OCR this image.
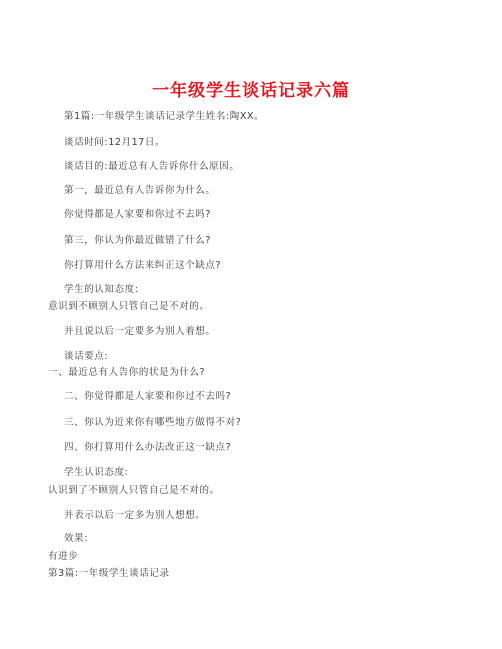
一年级学生谈话记录六篇
第1篇:一年级学生谈话记录学生姓名:陶XX。
谈话时间:12月17日。
谈话目的:最近总有人告诉你什么原因。
第一，最近总有人告诉你为什么。
你觉得都是人家要和你过不去吗?
第三，你认为你最近做错了什么?
你打算用什么方法来纠正这个缺点?
学生的认知态度:
意识到不顾别人只管自己是不对的。
并且说以后一定要多为别人着想。
谈话要点:
一、最近总有人告你的状是为什么?
二、你觉得都是人家要和你过不去吗?
三、你认为近来你有哪些地方做得不对?
四、你打算用什么办法改正这一缺点?
学生认识态度:
认识到了不顾别人只管自己是不对的。
并表示以后一定多为别人想想。
效果:
有进步
第3篇:一年级学生谈话记录
